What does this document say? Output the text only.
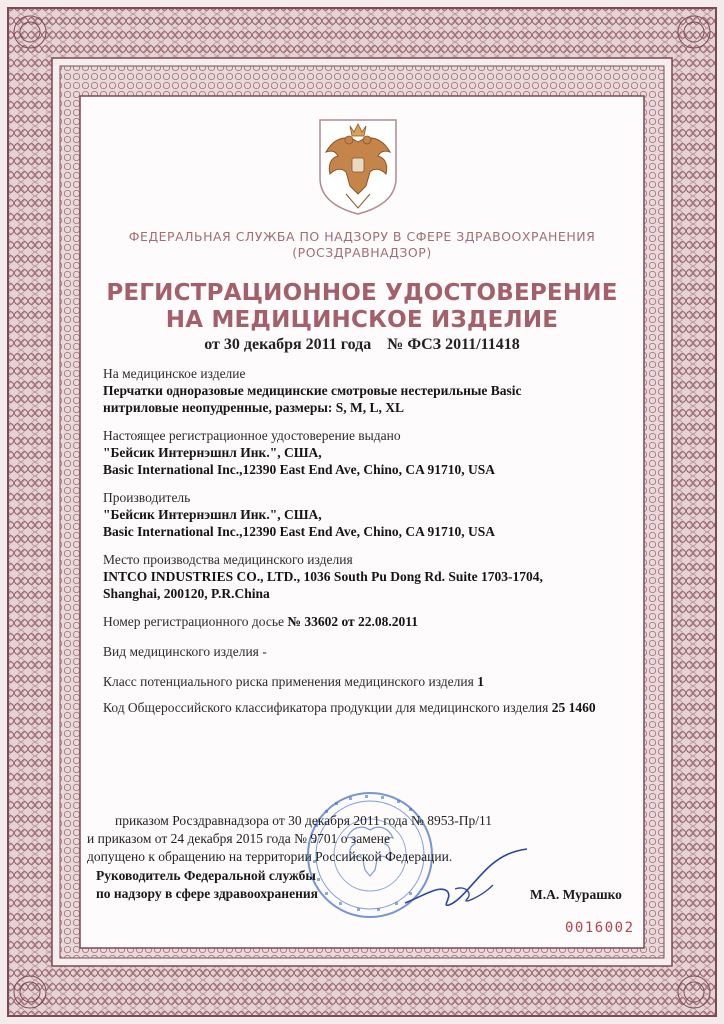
ФЕДЕРАЛЬНАЯ СЛУЖБА ПО НАДЗОРУ В СФЕРЕ ЗДРАВООХРАНЕНИЯ
(РОСЗДРАВНАДЗОР)
РЕГИСТРАЦИОННОЕ УДОСТОВЕРЕНИЕ
НА МЕДИЦИНСКОЕ ИЗДЕЛИЕ
от 30 декабря 2011 года № ФСЗ 2011/11418
На медицинское изделие
Перчатки одноразовые медицинские смотровые нестерильные Basic
нитриловые неопудренные, размеры: S, M, L, XL
Настоящее регистрационное удостоверение выдано
"Бейсик Интернэшнл Инк.", США,
Basic International Inc.,12390 East End Ave, Chino, CA 91710, USA
Производитель
"Бейсик Интернэшнл Инк.", США,
Basic International Inc.,12390 East End Ave, Chino, CA 91710, USA
Место производства медицинского изделия
INTCO INDUSTRIES CO., LTD., 1036 South Pu Dong Rd. Suite 1703-1704,
Shanghai, 200120, P.R.China
Номер регистрационного досье № 33602 от 22.08.2011
Вид медицинского изделия -
Класс потенциального риска применения медицинского изделия 1
Код Общероссийского классификатора продукции для медицинского изделия 25 1460
приказом Росздравнадзора от 30 декабря 2011 года № 8953-Пр/11
и приказом от 24 декабря 2015 года № 9701 о замене
допущено к обращению на территории Российской Федерации.
Руководитель Федеральной службы
по надзору в сфере здравоохранения	М.А. Мурашко
0016002
